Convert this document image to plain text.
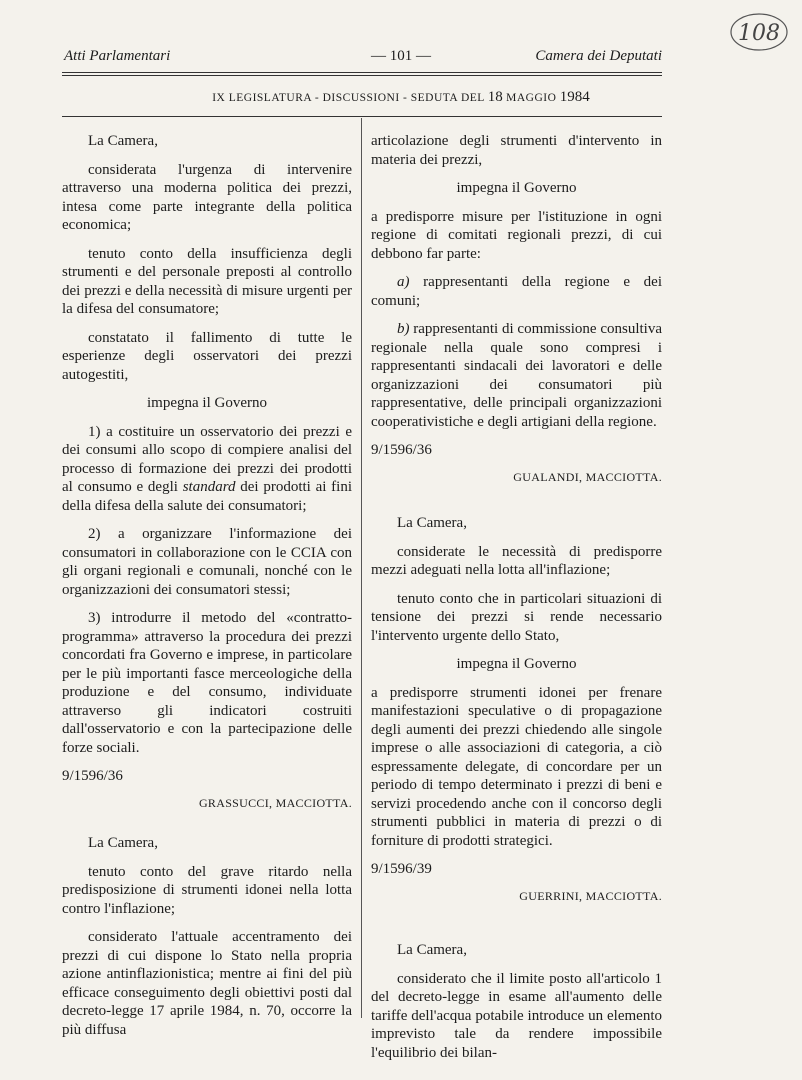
Atti Parlamentari	— 101 —	Camera dei Deputati
IX LEGISLATURA - DISCUSSIONI - SEDUTA DEL 18 MAGGIO 1984
108

La Camera,

considerata l'urgenza di intervenire attraverso una moderna politica dei prezzi, intesa come parte integrante della politica economica;

tenuto conto della insufficienza degli strumenti e del personale preposti al controllo dei prezzi e della necessità di misure urgenti per la difesa del consumatore;

constatato il fallimento di tutte le esperienze degli osservatori dei prezzi autogestiti,

impegna il Governo

1) a costituire un osservatorio dei prezzi e dei consumi allo scopo di compiere analisi del processo di formazione dei prezzi dei prodotti al consumo e degli standard dei prodotti ai fini della difesa della salute dei consumatori;

2) a organizzare l'informazione dei consumatori in collaborazione con le CCIA con gli organi regionali e comunali, nonché con le organizzazioni dei consumatori stessi;

3) introdurre il metodo del «contratto-programma» attraverso la procedura dei prezzi concordati fra Governo e imprese, in particolare per le più importanti fasce merceologiche della produzione e del consumo, individuate attraverso gli indicatori costruiti dall'osservatorio e con la partecipazione delle forze sociali.

9/1596/36

GRASSUCCI, MACCIOTTA.

La Camera,

tenuto conto del grave ritardo nella predisposizione di strumenti idonei nella lotta contro l'inflazione;

considerato l'attuale accentramento dei prezzi di cui dispone lo Stato nella propria azione antinflazionistica; mentre ai fini del più efficace conseguimento degli obiettivi posti dal decreto-legge 17 aprile 1984, n. 70, occorre la più diffusa

articolazione degli strumenti d'intervento in materia dei prezzi,

impegna il Governo

a predisporre misure per l'istituzione in ogni regione di comitati regionali prezzi, di cui debbono far parte:

a) rappresentanti della regione e dei comuni;

b) rappresentanti di commissione consultiva regionale nella quale sono compresi i rappresentanti sindacali dei lavoratori e delle organizzazioni dei consumatori più rappresentative, delle principali organizzazioni cooperativistiche e degli artigiani della regione.

9/1596/36

GUALANDI, MACCIOTTA.

La Camera,

considerate le necessità di predisporre mezzi adeguati nella lotta all'inflazione;

tenuto conto che in particolari situazioni di tensione dei prezzi si rende necessario l'intervento urgente dello Stato,

impegna il Governo

a predisporre strumenti idonei per frenare manifestazioni speculative o di propagazione degli aumenti dei prezzi chiedendo alle singole imprese o alle associazioni di categoria, a ciò espressamente delegate, di concordare per un periodo di tempo determinato i prezzi di beni e servizi procedendo anche con il concorso degli strumenti pubblici in materia di prezzi o di forniture di prodotti strategici.

9/1596/39

GUERRINI, MACCIOTTA.

La Camera,

considerato che il limite posto all'articolo 1 del decreto-legge in esame all'aumento delle tariffe dell'acqua potabile introduce un elemento imprevisto tale da rendere impossibile l'equilibrio dei bilan-
